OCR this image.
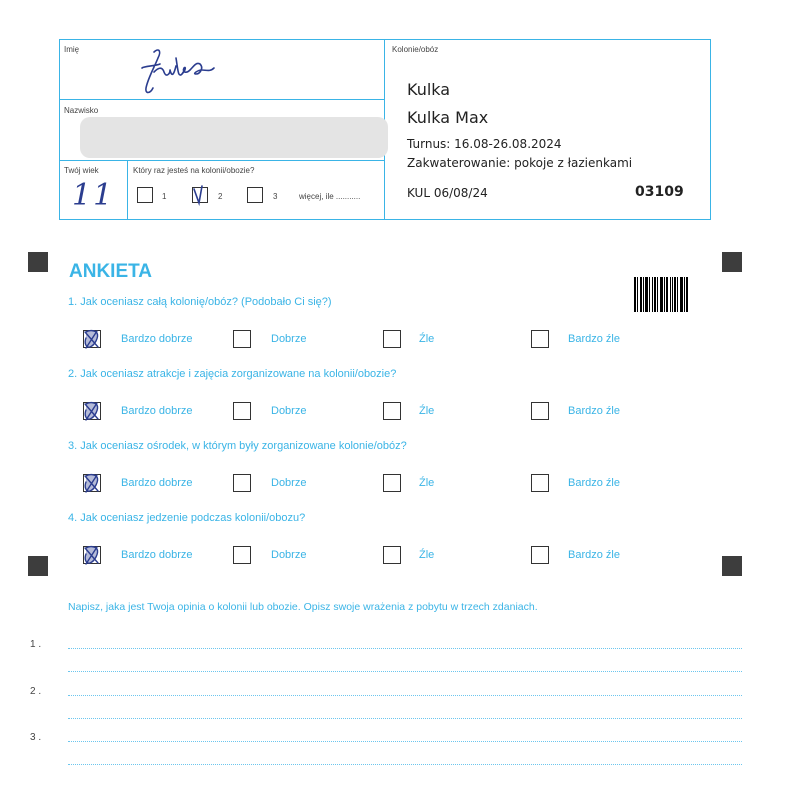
Imię
Nazwisko
Twój wiek
11
Który raz jesteś na kolonii/obozie?
1	2	3	więcej, ile ...........
Kolonie/obóz
Kulka
Kulka Max
Turnus: 16.08-26.08.2024
Zakwaterowanie: pokoje z łazienkami
KUL 06/08/24	03109
ANKIETA
1. Jak oceniasz całą kolonię/obóz? (Podobało Ci się?)
Bardzo dobrze	Dobrze	Źle	Bardzo źle
2. Jak oceniasz atrakcje i zajęcia zorganizowane na kolonii/obozie?
Bardzo dobrze	Dobrze	Źle	Bardzo źle
3. Jak oceniasz ośrodek, w którym były zorganizowane kolonie/obóz?
Bardzo dobrze	Dobrze	Źle	Bardzo źle
4. Jak oceniasz jedzenie podczas kolonii/obozu?
Bardzo dobrze	Dobrze	Źle	Bardzo źle
Napisz, jaka jest Twoja opinia o kolonii lub obozie. Opisz swoje wrażenia z pobytu w trzech zdaniach.
1 .
2 .
3 .
